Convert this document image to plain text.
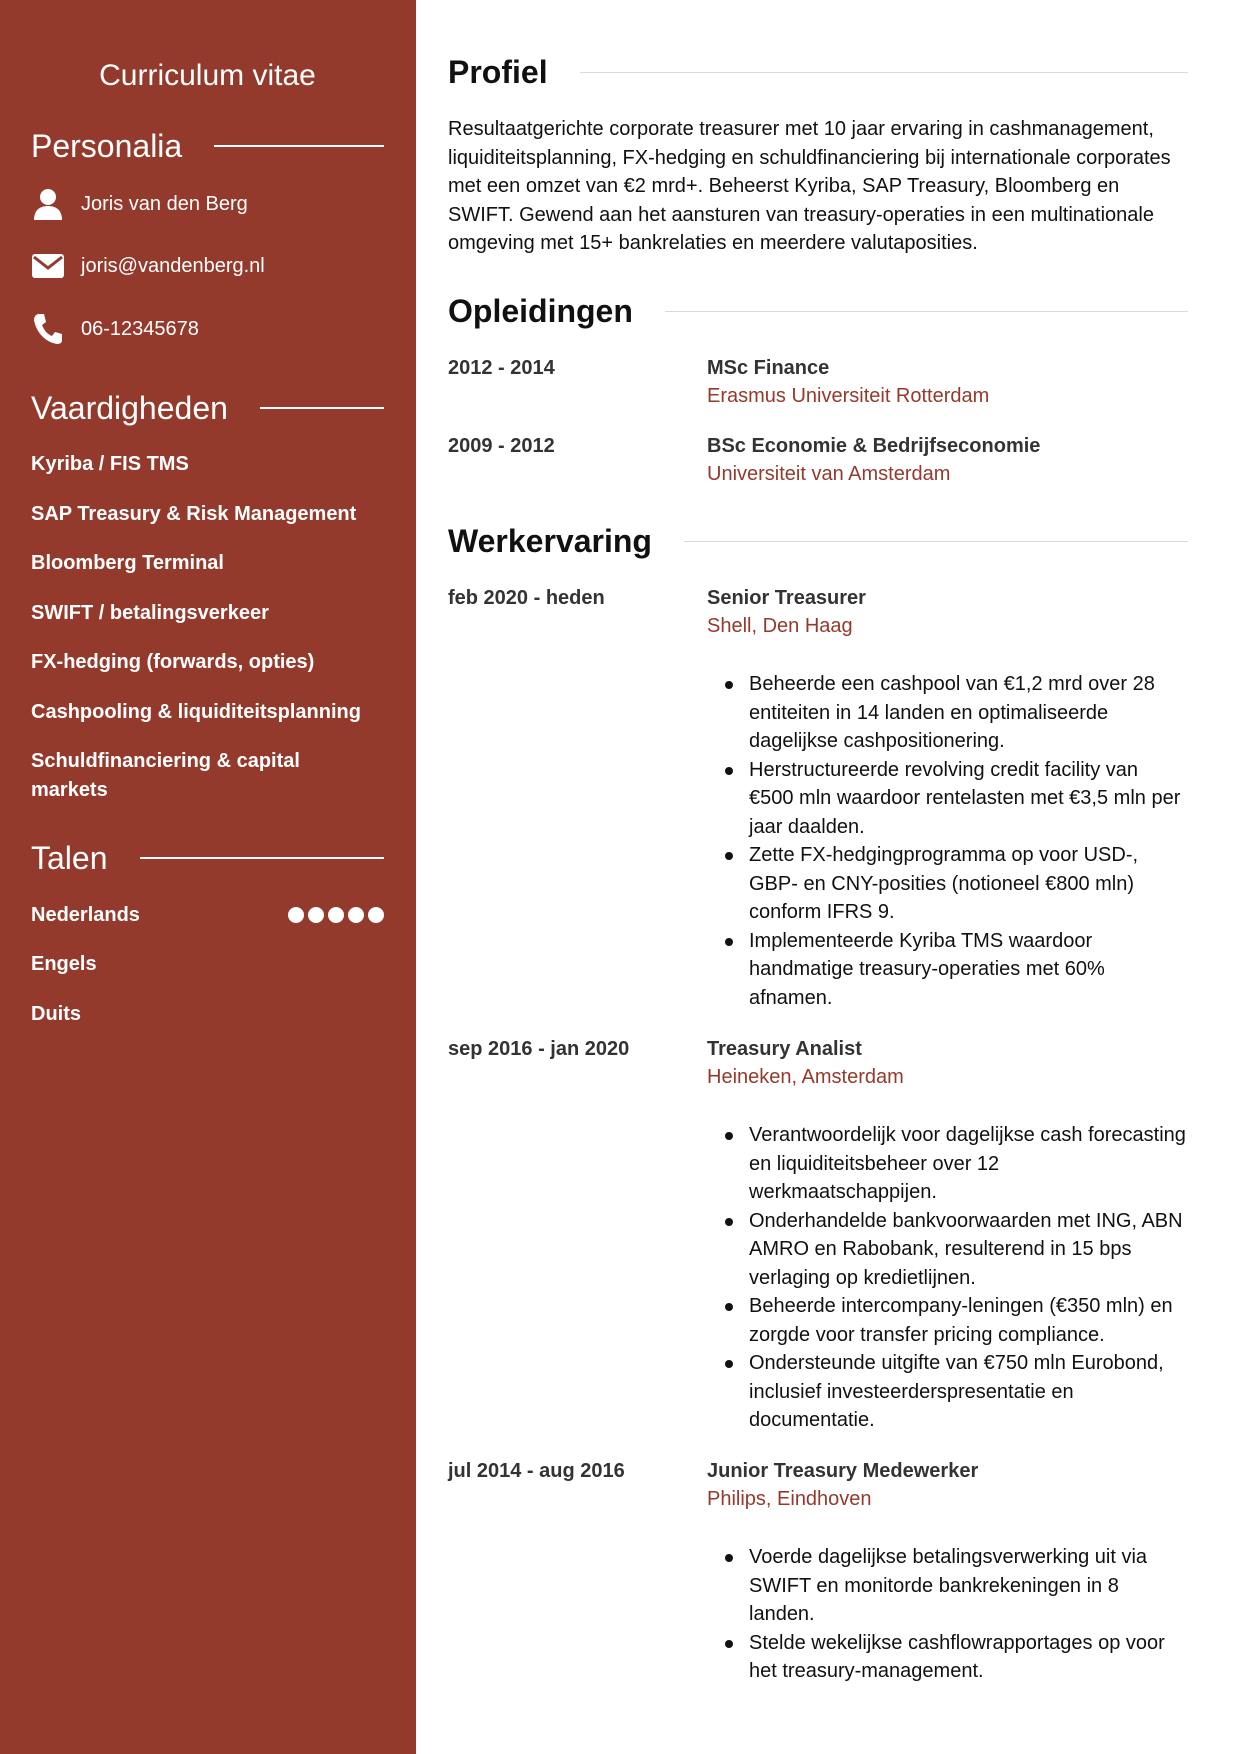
Curriculum vitae
Personalia
Joris van den Berg
joris@vandenberg.nl
06-12345678
Vaardigheden
Kyriba / FIS TMS
SAP Treasury & Risk Management
Bloomberg Terminal
SWIFT / betalingsverkeer
FX-hedging (forwards, opties)
Cashpooling & liquiditeitsplanning
Schuldfinanciering & capital markets
Talen
Nederlands
Engels
Duits
Profiel
Resultaatgerichte corporate treasurer met 10 jaar ervaring in cashmanagement, liquiditeitsplanning, FX-hedging en schuldfinanciering bij internationale corporates met een omzet van €2 mrd+. Beheerst Kyriba, SAP Treasury, Bloomberg en SWIFT. Gewend aan het aansturen van treasury-operaties in een multinationale omgeving met 15+ bankrelaties en meerdere valutaposities.
Opleidingen
2012 - 2014	MSc Finance
Erasmus Universiteit Rotterdam
2009 - 2012	BSc Economie & Bedrijfseconomie
Universiteit van Amsterdam
Werkervaring
feb 2020 - heden	Senior Treasurer
Shell, Den Haag
Beheerde een cashpool van €1,2 mrd over 28 entiteiten in 14 landen en optimaliseerde dagelijkse cashpositionering.
Herstructureerde revolving credit facility van €500 mln waardoor rentelasten met €3,5 mln per jaar daalden.
Zette FX-hedgingprogramma op voor USD-, GBP- en CNY-posities (notioneel €800 mln) conform IFRS 9.
Implementeerde Kyriba TMS waardoor handmatige treasury-operaties met 60% afnamen.
sep 2016 - jan 2020	Treasury Analist
Heineken, Amsterdam
Verantwoordelijk voor dagelijkse cash forecasting en liquiditeitsbeheer over 12 werkmaatschappijen.
Onderhandelde bankvoorwaarden met ING, ABN AMRO en Rabobank, resulterend in 15 bps verlaging op kredietlijnen.
Beheerde intercompany-leningen (€350 mln) en zorgde voor transfer pricing compliance.
Ondersteunde uitgifte van €750 mln Eurobond, inclusief investeerderspresentatie en documentatie.
jul 2014 - aug 2016	Junior Treasury Medewerker
Philips, Eindhoven
Voerde dagelijkse betalingsverwerking uit via SWIFT en monitorde bankrekeningen in 8 landen.
Stelde wekelijkse cashflowrapportages op voor het treasury-management.
